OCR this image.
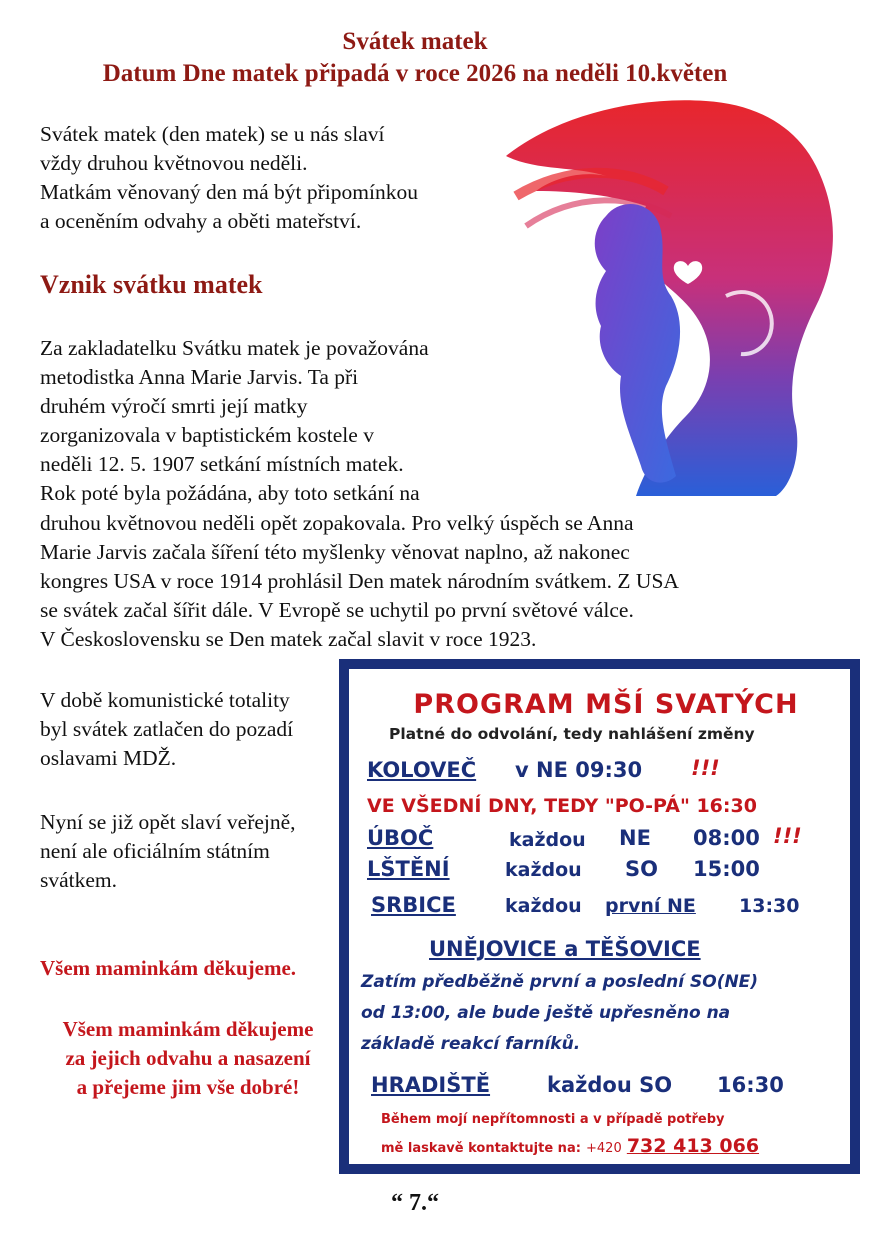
Svátek matek
Datum Dne matek připadá v roce 2026 na neděli 10.květen
Svátek matek (den matek) se u nás slaví
vždy druhou květnovou neděli.
Matkám věnovaný den má být připomínkou
a oceněním odvahy a oběti mateřství.
Vznik svátku matek
Za zakladatelku Svátku matek je považována
metodistka Anna Marie Jarvis. Ta při
druhém výročí smrti její matky
zorganizovala v baptistickém kostele v
neděli 12. 5. 1907 setkání místních matek.
Rok poté byla požádána, aby toto setkání na
druhou květnovou neděli opět zopakovala. Pro velký úspěch se Anna
Marie Jarvis začala šíření této myšlenky věnovat naplno, až nakonec
kongres USA v roce 1914 prohlásil Den matek národním svátkem. Z USA
se svátek začal šířit dále. V Evropě se uchytil po první světové válce.
V Československu se Den matek začal slavit v roce 1923.
V době komunistické totality
byl svátek zatlačen do pozadí
oslavami MDŽ.
Nyní se již opět slaví veřejně,
není ale oficiálním státním
svátkem.
Všem maminkám děkujeme.
Všem maminkám děkujeme
za jejich odvahu a nasazení
a přejeme jim vše dobré!
PROGRAM MŠÍ SVATÝCH
Platné do odvolání, tedy nahlášení změny
KOLOVEČ v NE 09:30 !!!
VE VŠEDNÍ DNY, TEDY "PO-PÁ" 16:30
ÚBOČ	každou NE 08:00 !!!
LŠTĚNÍ	každou SO 15:00
SRBICE	každou první NE 13:30
UNĚJOVICE a TĚŠOVICE
Zatím předběžně první a poslední SO(NE)
od 13:00, ale bude ještě upřesněno na
základě reakcí farníků.
HRADIŠTĚ	každou SO 16:30
Během mojí nepřítomnosti a v případě potřeby
mě laskavě kontaktujte na: +420 732 413 066
“ 7.“
